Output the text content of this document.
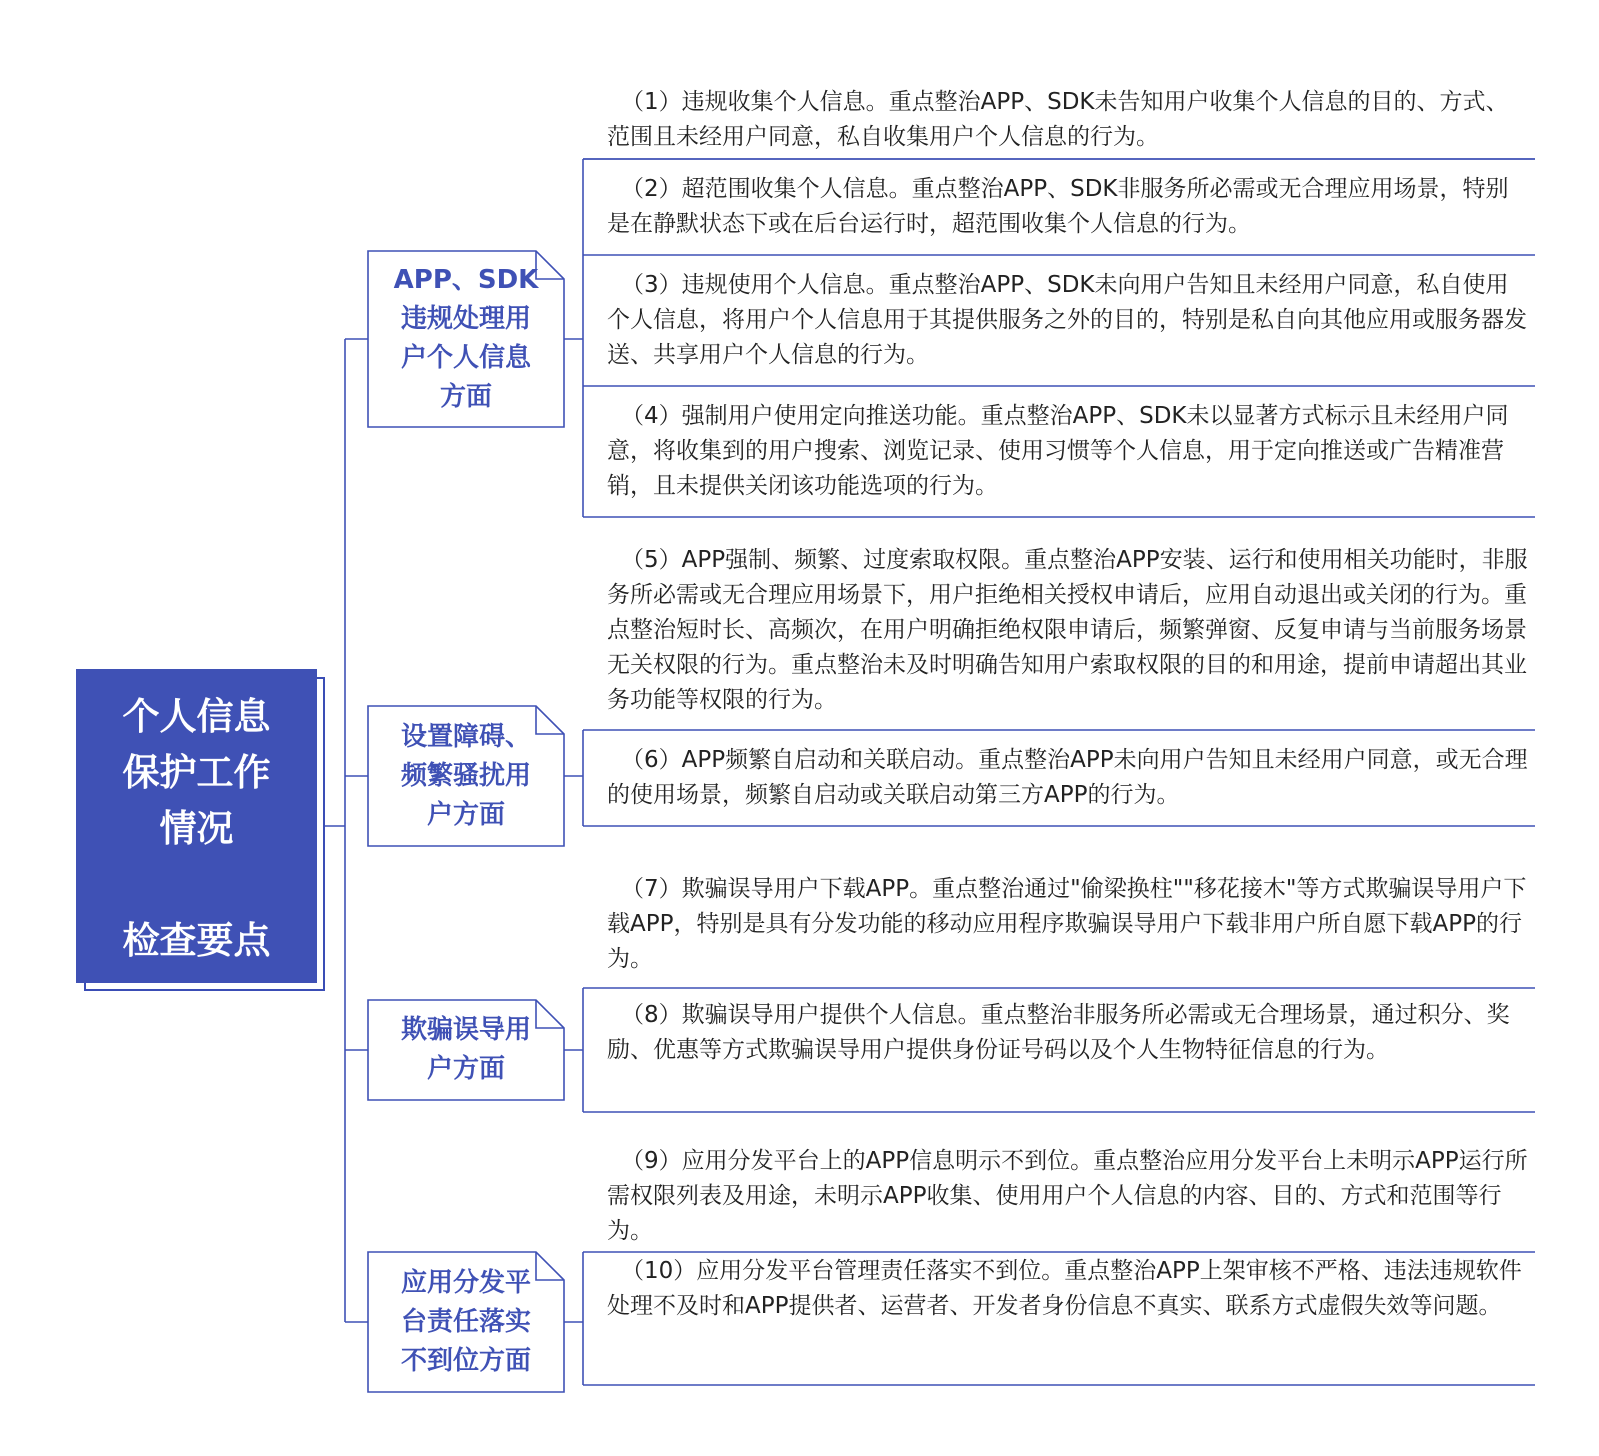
个人信息
保护工作
情况
检查要点
APP、SDK
违规处理用
户个人信息
方面
设置障碍、
频繁骚扰用
户方面
欺骗误导用
户方面
应用分发平
台责任落实
不到位方面
（1）违规收集个人信息。重点整治APP、SDK未告知用户收集个人信息的目的、方式、范围且未经用户同意，私自收集用户个人信息的行为。
（2）超范围收集个人信息。重点整治APP、SDK非服务所必需或无合理应用场景，特别是在静默状态下或在后台运行时，超范围收集个人信息的行为。
（3）违规使用个人信息。重点整治APP、SDK未向用户告知且未经用户同意，私自使用个人信息，将用户个人信息用于其提供服务之外的目的，特别是私自向其他应用或服务器发送、共享用户个人信息的行为。
（4）强制用户使用定向推送功能。重点整治APP、SDK未以显著方式标示且未经用户同意，将收集到的用户搜索、浏览记录、使用习惯等个人信息，用于定向推送或广告精准营销，且未提供关闭该功能选项的行为。
（5）APP强制、频繁、过度索取权限。重点整治APP安装、运行和使用相关功能时，非服务所必需或无合理应用场景下，用户拒绝相关授权申请后，应用自动退出或关闭的行为。重点整治短时长、高频次，在用户明确拒绝权限申请后，频繁弹窗、反复申请与当前服务场景无关权限的行为。重点整治未及时明确告知用户索取权限的目的和用途，提前申请超出其业务功能等权限的行为。
（6）APP频繁自启动和关联启动。重点整治APP未向用户告知且未经用户同意，或无合理的使用场景，频繁自启动或关联启动第三方APP的行为。
（7）欺骗误导用户下载APP。重点整治通过"偷梁换柱""移花接木"等方式欺骗误导用户下载APP，特别是具有分发功能的移动应用程序欺骗误导用户下载非用户所自愿下载APP的行为。
（8）欺骗误导用户提供个人信息。重点整治非服务所必需或无合理场景，通过积分、奖励、优惠等方式欺骗误导用户提供身份证号码以及个人生物特征信息的行为。
（9）应用分发平台上的APP信息明示不到位。重点整治应用分发平台上未明示APP运行所需权限列表及用途，未明示APP收集、使用用户个人信息的内容、目的、方式和范围等行为。
（10）应用分发平台管理责任落实不到位。重点整治APP上架审核不严格、违法违规软件处理不及时和APP提供者、运营者、开发者身份信息不真实、联系方式虚假失效等问题。
